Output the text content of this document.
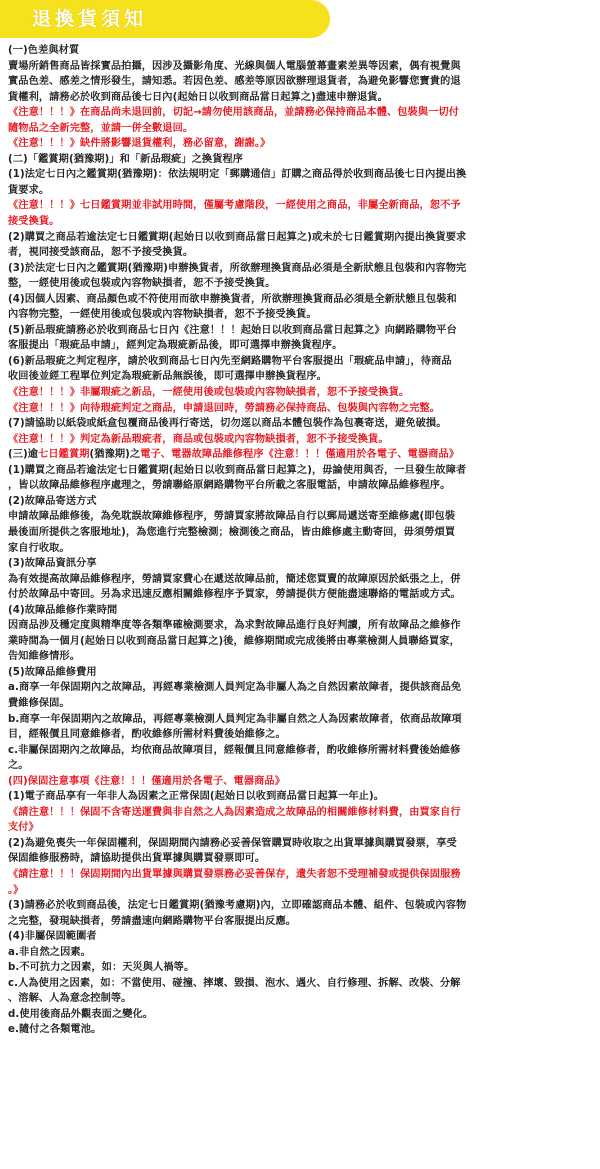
退換貨須知
(一)色差與材質
賣場所銷售商品皆採實品拍攝，因涉及攝影角度、光線與個人電腦螢幕畫素差異等因素，偶有視覺與
實品色差、感差之情形發生，請知悉。若因色差、感差等原因欲辦理退貨者，為避免影響您寶貴的退
貨權利，請務必於收到商品後七日內(起始日以收到商品當日起算之)盡速申辦退貨。
《注意！！！》在商品尚未退回前，切記→請勿使用該商品，並請務必保持商品本體、包裝與一切付
隨物品之全新完整，並請一併全數退回。
《注意！！！》缺件將影響退貨權利，務必留意，謝謝。》
(二)「鑑賞期(猶豫期)」和「新品瑕疵」之換貨程序
(1)法定七日內之鑑賞期(猶豫期)：依法規明定「郵購通信」訂購之商品得於收到商品後七日內提出換
貨要求。
《注意！！！》七日鑑賞期並非試用時間，僅屬考慮階段，一經使用之商品，非屬全新商品，恕不予
接受換貨。
(2)購買之商品若逾法定七日鑑賞期(起始日以收到商品當日起算之)或未於七日鑑賞期內提出換貨要求
者，視同接受該商品，恕不予接受換貨。
(3)於法定七日內之鑑賞期(猶豫期)申辦換貨者，所欲辦理換貨商品必須是全新狀態且包裝和內容物完
整，一經使用後或包裝或內容物缺損者，恕不予接受換貨。
(4)因個人因素、商品顏色或不符使用而欲申辦換貨者，所欲辦理換貨商品必須是全新狀態且包裝和
內容物完整，一經使用後或包裝或內容物缺損者，恕不予接受換貨。
(5)新品瑕疵請務必於收到商品七日內《注意！！！起始日以收到商品當日起算之》向網路購物平台
客服提出「瑕疵品申請」，經判定為瑕疵新品後，即可選擇申辦換貨程序。
(6)新品瑕疵之判定程序，請於收到商品七日內先至網路購物平台客服提出「瑕疵品申請」，待商品
收回後並經工程單位判定為瑕疵新品無誤後，即可選擇申辦換貨程序。
《注意！！！》非屬瑕疵之新品，一經使用後或包裝或內容物缺損者，恕不予接受換貨。
《注意！！！》向待瑕疵判定之商品，申請退回時，勞請務必保持商品、包裝與內容物之完整。
(7)請協助以紙袋或紙盒包覆商品後再行寄送，切勿逕以商品本體包裝作為包裹寄送，避免破損。
《注意！！！》判定為新品瑕疵者，商品或包裝或內容物缺損者，恕不予接受換貨。
(三)逾七日鑑賞期(猶豫期)之電子、電器故障品維修程序《注意！！！僅適用於各電子、電器商品》
(1)購買之商品若逾法定七日鑑賞期(起始日以收到商品當日起算之)，毋論使用與否，一旦發生故障者
，皆以故障品維修程序處理之，勞請聯絡原網路購物平台所載之客服電話，申請故障品維修程序。
(2)故障品寄送方式
申請故障品維修後，為免耽誤故障維修程序，勞請買家將故障品自行以郵局遞送寄至維修處(即包裝
最後面所提供之客服地址)，為您進行完整檢測；檢測後之商品，皆由維修處主動寄回，毋須勞煩買
家自行收取。
(3)故障品資訊分享
為有效提高故障品維修程序，勞請買家費心在遞送故障品前，簡述您買賣的故障原因於紙張之上，併
付於故障品中寄回。另為求迅速反應相關維修程序予買家，勞請提供方便能盡速聯絡的電話或方式。
(4)故障品維修作業時間
因商品涉及穩定度與精準度等各類準確檢測要求，為求對故障品進行良好判讀，所有故障品之維修作
業時間為一個月(起始日以收到商品當日起算之)後，維修期間或完成後將由專業檢測人員聯絡買家，
告知維修情形。
(5)故障品維修費用
a.商享一年保固期內之故障品，再經專業檢測人員判定為非屬人為之自然因素故障者，提供該商品免
費維修保固。
b.商享一年保固期內之故障品，再經專業檢測人員判定為非屬自然之人為因素故障者，依商品故障項
目，經報價且同意維修者，酌收維修所需材料費後始維修之。
c.非屬保固期內之故障品，均依商品故障項目，經報價且同意維修者，酌收維修所需材料費後始維修
之。
(四)保固注意事項《注意！！！僅適用於各電子、電器商品》
(1)電子商品享有一年非人為因素之正常保固(起始日以收到商品當日起算一年止)。
《請注意！！！保固不含寄送運費與非自然之人為因素造成之故障品的相關維修材料費，由買家自行
支付》
(2)為避免喪失一年保固權利，保固期間內請務必妥善保管購買時收取之出貨單據與購買發票，享受
保固維修服務時，請協助提供出貨單據與購買發票即可。
《請注意！！！保固期間內出貨單據與購買發票務必妥善保存，遺失者恕不受理補發或提供保固服務
。》
(3)請務必於收到商品後，法定七日鑑賞期(猶豫考慮期)內，立即確認商品本體、組件、包裝或內容物
之完整，發現缺損者，勞請盡速向網路購物平台客服提出反應。
(4)非屬保固範圍者
a.非自然之因素。
b.不可抗力之因素，如：天災與人禍等。
c.人為使用之因素，如：不當使用、碰撞、摔壞、毀損、泡水、遇火、自行修理、拆解、改裝、分解
、溶解、人為意念控制等。
d.使用後商品外觀表面之變化。
e.隨付之各類電池。
